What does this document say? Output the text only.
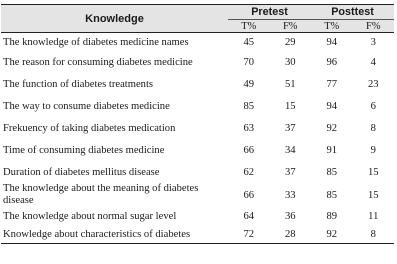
Knowledge	Pretest		Posttest	
	T%	F%	T%	F%
The knowledge of diabetes medicine names	45	29	94	3
The reason for consuming diabetes medicine	70	30	96	4
The function of diabetes treatments	49	51	77	23
The way to consume diabetes medicine	85	15	94	6
Frekuency of taking diabetes medication	63	37	92	8
Time of consuming diabetes medicine	66	34	91	9
Duration of diabetes mellitus disease	62	37	85	15
The knowledge about the meaning of diabetes disease	66	33	85	15
The knowledge about normal sugar level	64	36	89	11
Knowledge about characteristics of diabetes	72	28	92	8
